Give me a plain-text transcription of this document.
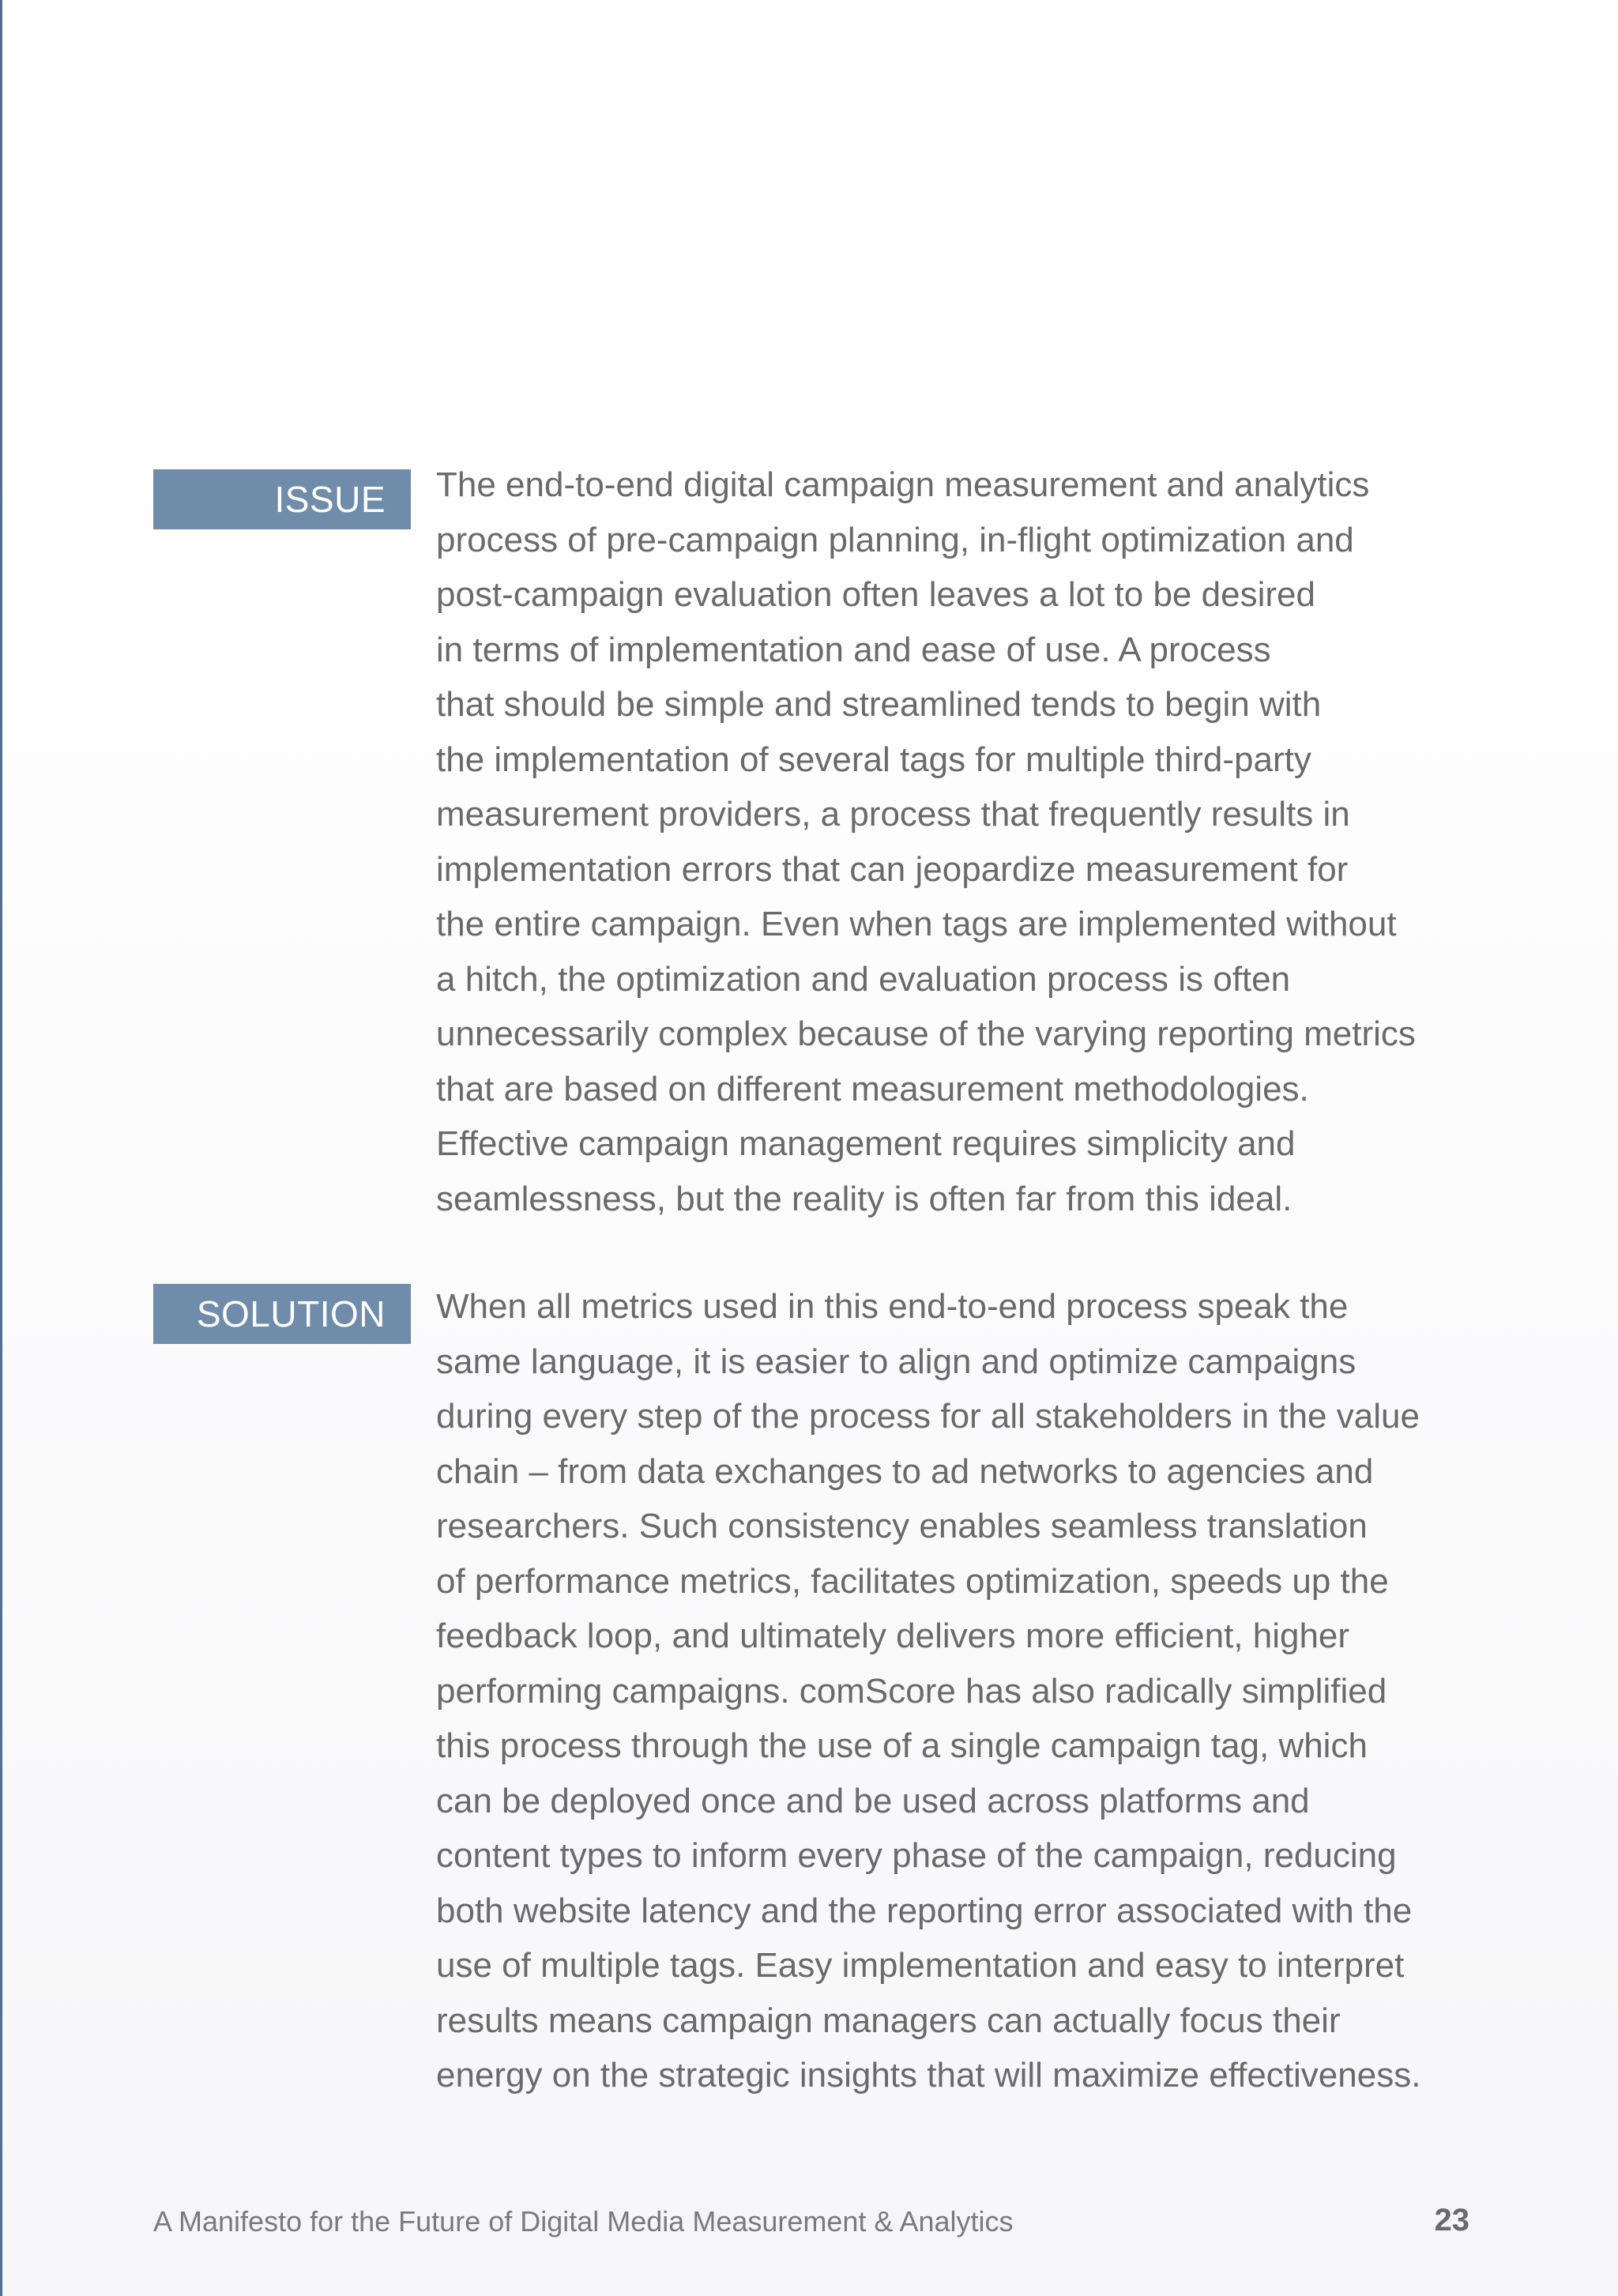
ISSUE	The end-to-end digital campaign measurement and analytics
process of pre-campaign planning, in-flight optimization and
post-campaign evaluation often leaves a lot to be desired
in terms of implementation and ease of use. A process
that should be simple and streamlined tends to begin with
the implementation of several tags for multiple third-party
measurement providers, a process that frequently results in
implementation errors that can jeopardize measurement for
the entire campaign. Even when tags are implemented without
a hitch, the optimization and evaluation process is often
unnecessarily complex because of the varying reporting metrics
that are based on different measurement methodologies.
Effective campaign management requires simplicity and
seamlessness, but the reality is often far from this ideal.

SOLUTION	When all metrics used in this end-to-end process speak the
same language, it is easier to align and optimize campaigns
during every step of the process for all stakeholders in the value
chain – from data exchanges to ad networks to agencies and
researchers. Such consistency enables seamless translation
of performance metrics, facilitates optimization, speeds up the
feedback loop, and ultimately delivers more efficient, higher
performing campaigns. comScore has also radically simplified
this process through the use of a single campaign tag, which
can be deployed once and be used across platforms and
content types to inform every phase of the campaign, reducing
both website latency and the reporting error associated with the
use of multiple tags. Easy implementation and easy to interpret
results means campaign managers can actually focus their
energy on the strategic insights that will maximize effectiveness.

A Manifesto for the Future of Digital Media Measurement & Analytics	23
